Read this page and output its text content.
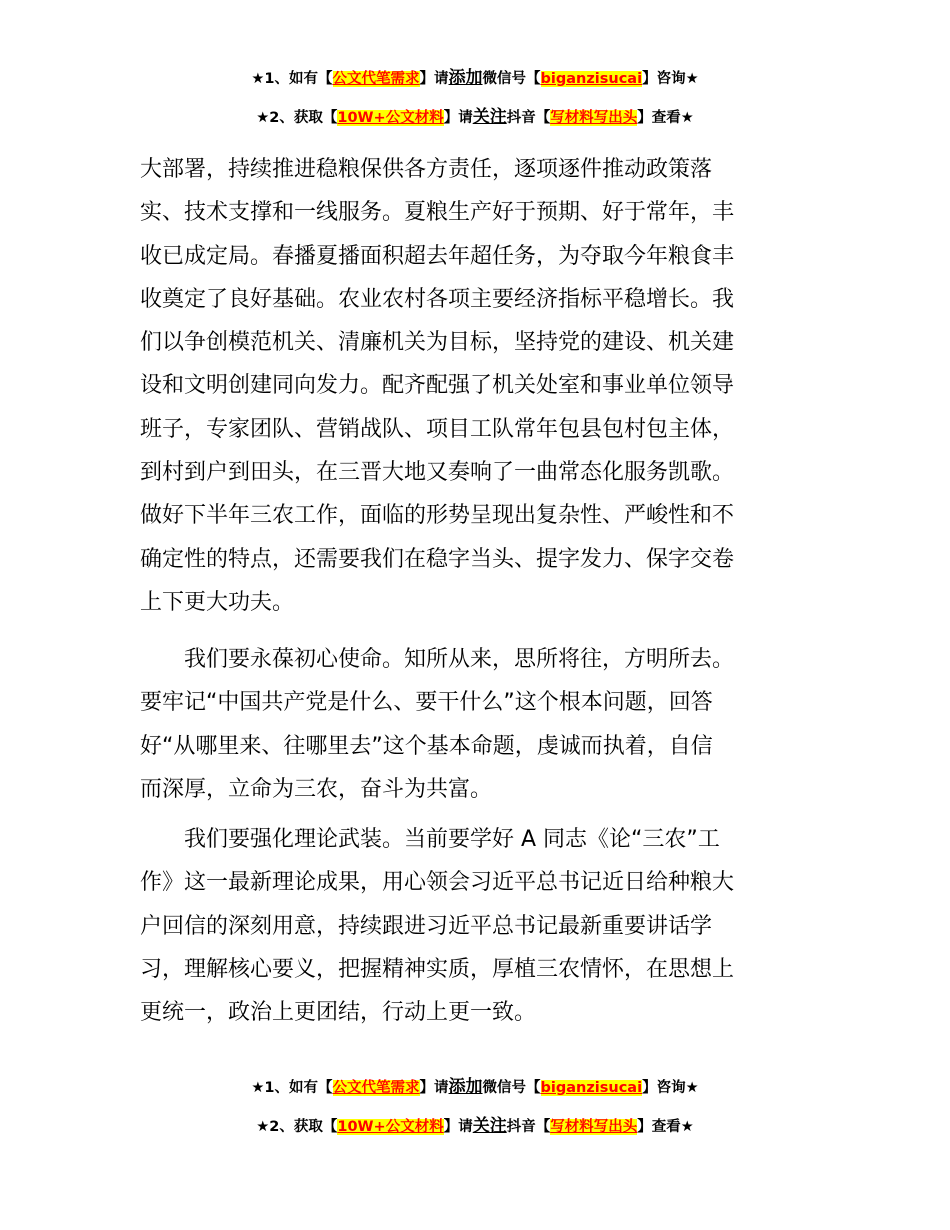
★1、如有【公文代笔需求】请添加微信号【biganzisucai】咨询★
★2、获取【10W+公文材料】请关注抖音【写材料写出头】查看★
大部署，持续推进稳粮保供各方责任，逐项逐件推动政策落
实、技术支撑和一线服务。夏粮生产好于预期、好于常年，丰
收已成定局。春播夏播面积超去年超任务，为夺取今年粮食丰
收奠定了良好基础。农业农村各项主要经济指标平稳增长。我
们以争创模范机关、清廉机关为目标，坚持党的建设、机关建
设和文明创建同向发力。配齐配强了机关处室和事业单位领导
班子，专家团队、营销战队、项目工队常年包县包村包主体，
到村到户到田头，在三晋大地又奏响了一曲常态化服务凯歌。
做好下半年三农工作，面临的形势呈现出复杂性、严峻性和不
确定性的特点，还需要我们在稳字当头、提字发力、保字交卷
上下更大功夫。
　　我们要永葆初心使命。知所从来，思所将往，方明所去。
要牢记“中国共产党是什么、要干什么”这个根本问题，回答
好“从哪里来、往哪里去”这个基本命题，虔诚而执着，自信
而深厚，立命为三农，奋斗为共富。
　　我们要强化理论武装。当前要学好 A 同志《论“三农”工
作》这一最新理论成果，用心领会习近平总书记近日给种粮大
户回信的深刻用意，持续跟进习近平总书记最新重要讲话学
习，理解核心要义，把握精神实质，厚植三农情怀，在思想上
更统一，政治上更团结，行动上更一致。
★1、如有【公文代笔需求】请添加微信号【biganzisucai】咨询★
★2、获取【10W+公文材料】请关注抖音【写材料写出头】查看★
